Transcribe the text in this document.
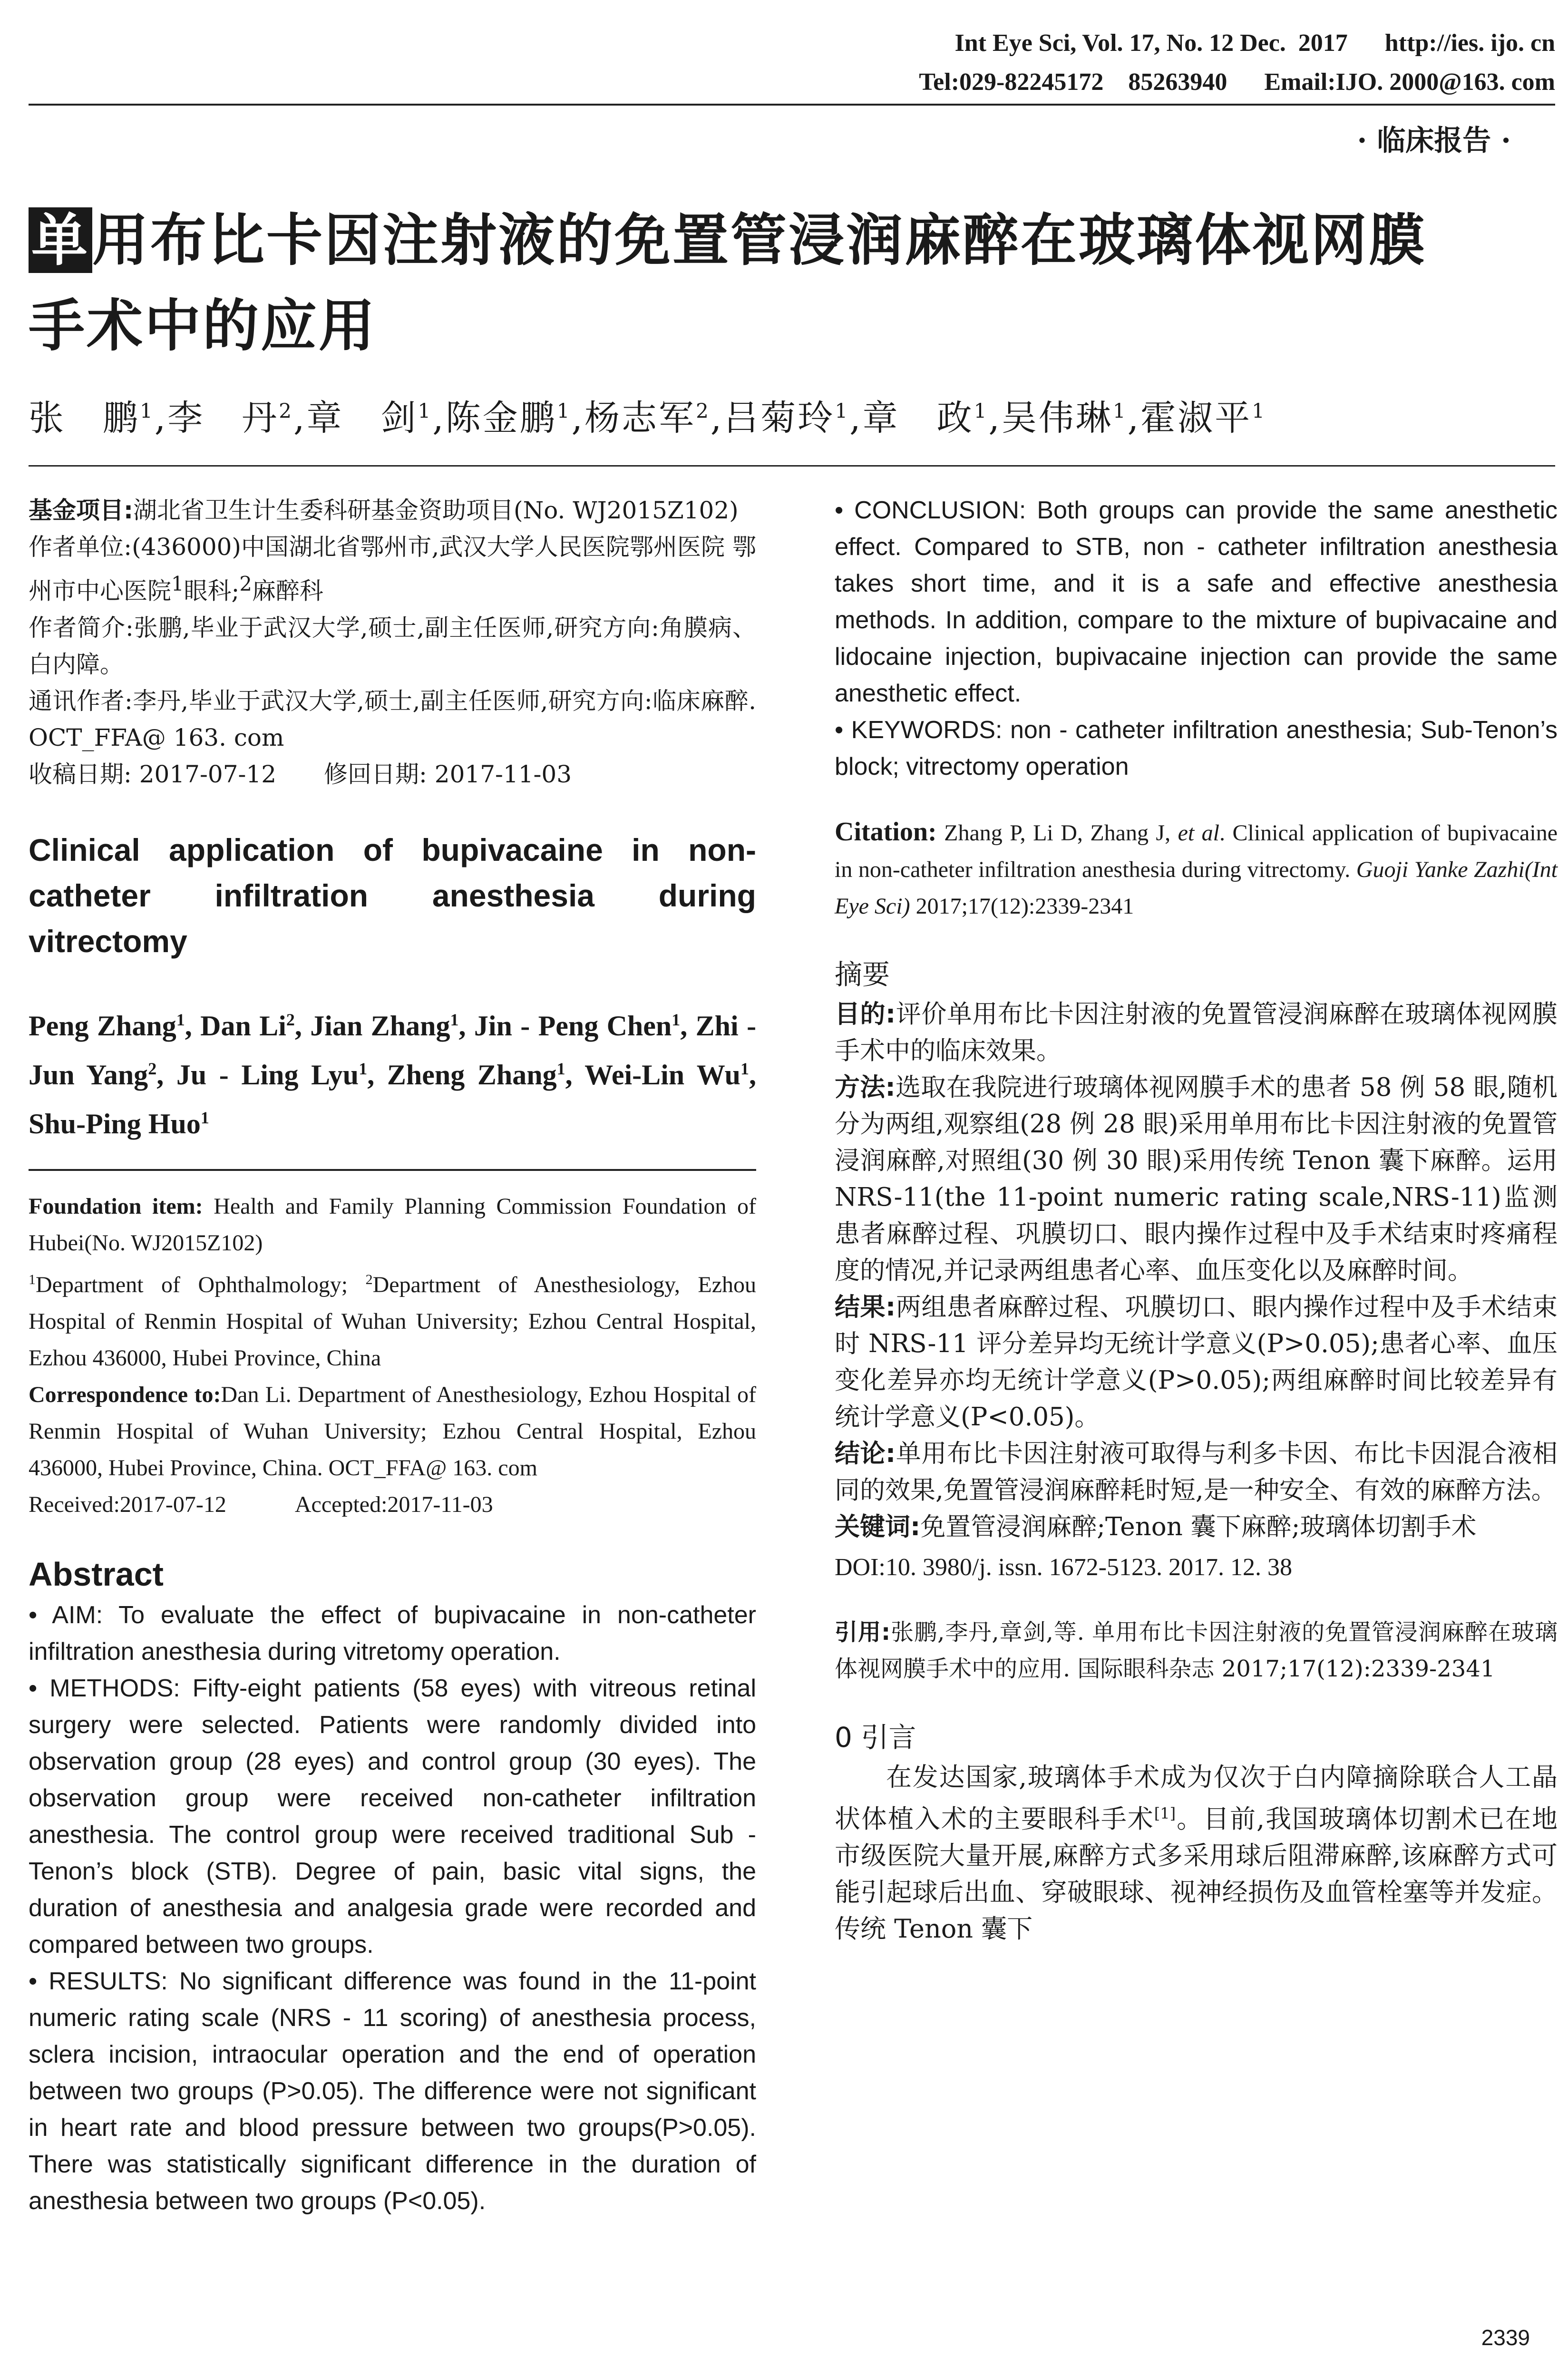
Int Eye Sci, Vol. 17, No. 12 Dec.  2017      http://ies. ijo. cn
Tel:029-82245172    85263940      Email:IJO. 2000@163. com
· 临床报告 ·
单用布比卡因注射液的免置管浸润麻醉在玻璃体视网膜
手术中的应用
张　鹏$^1$,李　丹$^2$,章　剑$^1$,陈金鹏$^1$,杨志军$^2$,吕菊玲$^1$,章　政$^1$,吴伟琳$^1$,霍淑平$^1$

基金项目:湖北省卫生计生委科研基金资助项目(No. WJ2015Z102)

作者单位:(436000)中国湖北省鄂州市,武汉大学人民医院鄂州医院 鄂州市中心医院$^1$眼科;$^2$麻醉科

作者简介:张鹏,毕业于武汉大学,硕士,副主任医师,研究方向:角膜病、白内障。

通讯作者:李丹,毕业于武汉大学,硕士,副主任医师,研究方向:临床麻醉. OCT_FFA@ 163. com

收稿日期: 2017-07-12　　修回日期: 2017-11-03

Clinical application of bupivacaine in non-catheter infiltration anesthesia during vitrectomy
Peng Zhang$^1$, Dan Li$^2$, Jian Zhang$^1$, Jin - Peng Chen$^1$, Zhi - Jun Yang$^2$, Ju - Ling Lyu$^1$, Zheng Zhang$^1$, Wei-Lin Wu$^1$, Shu-Ping Huo$^1$

Foundation item: Health and Family Planning Commission Foundation of Hubei(No. WJ2015Z102)

$^1$Department of Ophthalmology; $^2$Department of Anesthesiology, Ezhou Hospital of Renmin Hospital of Wuhan University; Ezhou Central Hospital, Ezhou 436000, Hubei Province, China

Correspondence to:Dan Li. Department of Anesthesiology, Ezhou Hospital of Renmin Hospital of Wuhan University; Ezhou Central Hospital, Ezhou 436000, Hubei Province, China. OCT_FFA@ 163. com

Received:2017-07-12　　　Accepted:2017-11-03

Abstract

• AIM: To evaluate the effect of bupivacaine in non-catheter infiltration anesthesia during vitretomy operation.

• METHODS: Fifty-eight patients (58 eyes) with vitreous retinal surgery were selected. Patients were randomly divided into observation group (28 eyes) and control group (30 eyes). The observation group were received non-catheter infiltration anesthesia. The control group were received traditional Sub - Tenon’s block (STB). Degree of pain, basic vital signs, the duration of anesthesia and analgesia grade were recorded and compared between two groups.

• RESULTS: No significant difference was found in the 11-point numeric rating scale (NRS - 11 scoring) of anesthesia process, sclera incision, intraocular operation and the end of operation between two groups (P>0.05). The difference were not significant in heart rate and blood pressure between two groups(P>0.05). There was statistically significant difference in the duration of anesthesia between two groups (P<0.05).

• CONCLUSION: Both groups can provide the same anesthetic effect. Compared to STB, non - catheter infiltration anesthesia takes short time, and it is a safe and effective anesthesia methods. In addition, compare to the mixture of bupivacaine and lidocaine injection, bupivacaine injection can provide the same anesthetic effect.

• KEYWORDS: non - catheter infiltration anesthesia; Sub-Tenon’s block; vitrectomy operation

Citation: Zhang P, Li D, Zhang J, et al. Clinical application of bupivacaine in non-catheter infiltration anesthesia during vitrectomy. Guoji Yanke Zazhi(Int Eye Sci) 2017;17(12):2339-2341
摘要

目的:评价单用布比卡因注射液的免置管浸润麻醉在玻璃体视网膜手术中的临床效果。

方法:选取在我院进行玻璃体视网膜手术的患者 58 例 58 眼,随机分为两组,观察组(28 例 28 眼)采用单用布比卡因注射液的免置管浸润麻醉,对照组(30 例 30 眼)采用传统 Tenon 囊下麻醉。运用 NRS-11(the 11-point numeric rating scale,NRS-11)监测患者麻醉过程、巩膜切口、眼内操作过程中及手术结束时疼痛程度的情况,并记录两组患者心率、血压变化以及麻醉时间。

结果:两组患者麻醉过程、巩膜切口、眼内操作过程中及手术结束时 NRS-11 评分差异均无统计学意义(P>0.05);患者心率、血压变化差异亦均无统计学意义(P>0.05);两组麻醉时间比较差异有统计学意义(P<0.05)。

结论:单用布比卡因注射液可取得与利多卡因、布比卡因混合液相同的效果,免置管浸润麻醉耗时短,是一种安全、有效的麻醉方法。

关键词:免置管浸润麻醉;Tenon 囊下麻醉;玻璃体切割手术

DOI:10. 3980/j. issn. 1672-5123. 2017. 12. 38
引用:张鹏,李丹,章剑,等. 单用布比卡因注射液的免置管浸润麻醉在玻璃体视网膜手术中的应用. 国际眼科杂志 2017;17(12):2339-2341
0 引言
在发达国家,玻璃体手术成为仅次于白内障摘除联合人工晶状体植入术的主要眼科手术[1]。目前,我国玻璃体切割术已在地市级医院大量开展,麻醉方式多采用球后阻滞麻醉,该麻醉方式可能引起球后出血、穿破眼球、视神经损伤及血管栓塞等并发症。传统 Tenon 囊下
2339
